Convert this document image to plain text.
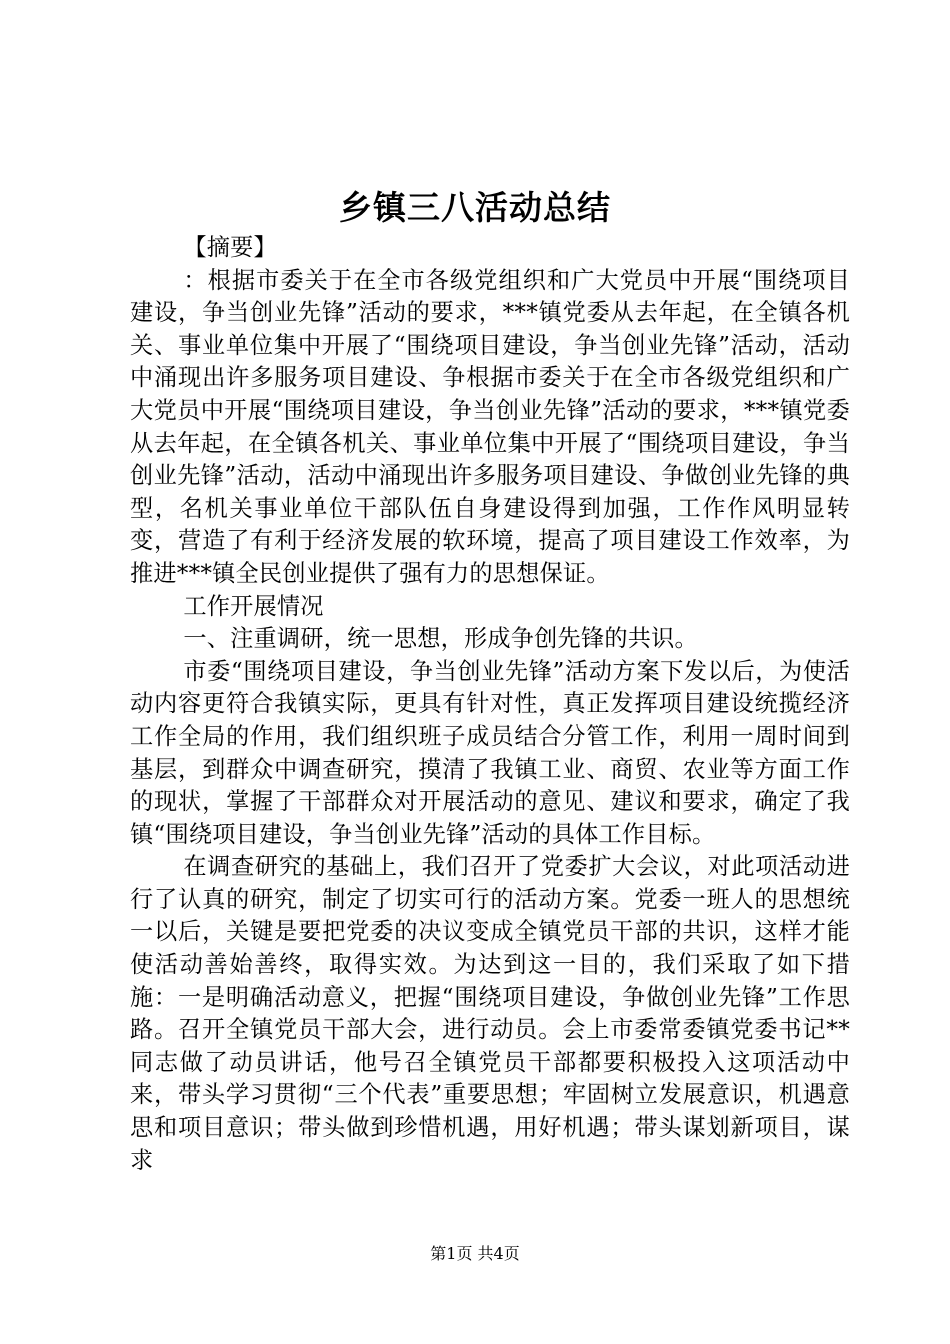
乡镇三八活动总结

【摘要】

：根据市委关于在全市各级党组织和广大党员中开展“围绕项目建设，争当创业先锋”活动的要求，***镇党委从去年起，在全镇各机关、事业单位集中开展了“围绕项目建设，争当创业先锋”活动，活动中涌现出许多服务项目建设、争根据市委关于在全市各级党组织和广大党员中开展“围绕项目建设，争当创业先锋”活动的要求，***镇党委从去年起，在全镇各机关、事业单位集中开展了“围绕项目建设，争当创业先锋”活动，活动中涌现出许多服务项目建设、争做创业先锋的典型，名机关事业单位干部队伍自身建设得到加强，工作作风明显转变，营造了有利于经济发展的软环境，提高了项目建设工作效率，为推进***镇全民创业提供了强有力的思想保证。

工作开展情况

一、注重调研，统一思想，形成争创先锋的共识。

市委“围绕项目建设，争当创业先锋”活动方案下发以后，为使活动内容更符合我镇实际，更具有针对性，真正发挥项目建设统揽经济工作全局的作用，我们组织班子成员结合分管工作，利用一周时间到基层，到群众中调查研究，摸清了我镇工业、商贸、农业等方面工作的现状，掌握了干部群众对开展活动的意见、建议和要求，确定了我镇“围绕项目建设，争当创业先锋”活动的具体工作目标。

在调查研究的基础上，我们召开了党委扩大会议，对此项活动进行了认真的研究，制定了切实可行的活动方案。党委一班人的思想统一以后，关键是要把党委的决议变成全镇党员干部的共识，这样才能使活动善始善终，取得实效。为达到这一目的，我们采取了如下措施：一是明确活动意义，把握“围绕项目建设，争做创业先锋”工作思路。召开全镇党员干部大会，进行动员。会上市委常委镇党委书记**同志做了动员讲话，他号召全镇党员干部都要积极投入这项活动中来，带头学习贯彻“三个代表”重要思想；牢固树立发展意识，机遇意思和项目意识；带头做到珍惜机遇，用好机遇；带头谋划新项目，谋求

第1页 共4页
